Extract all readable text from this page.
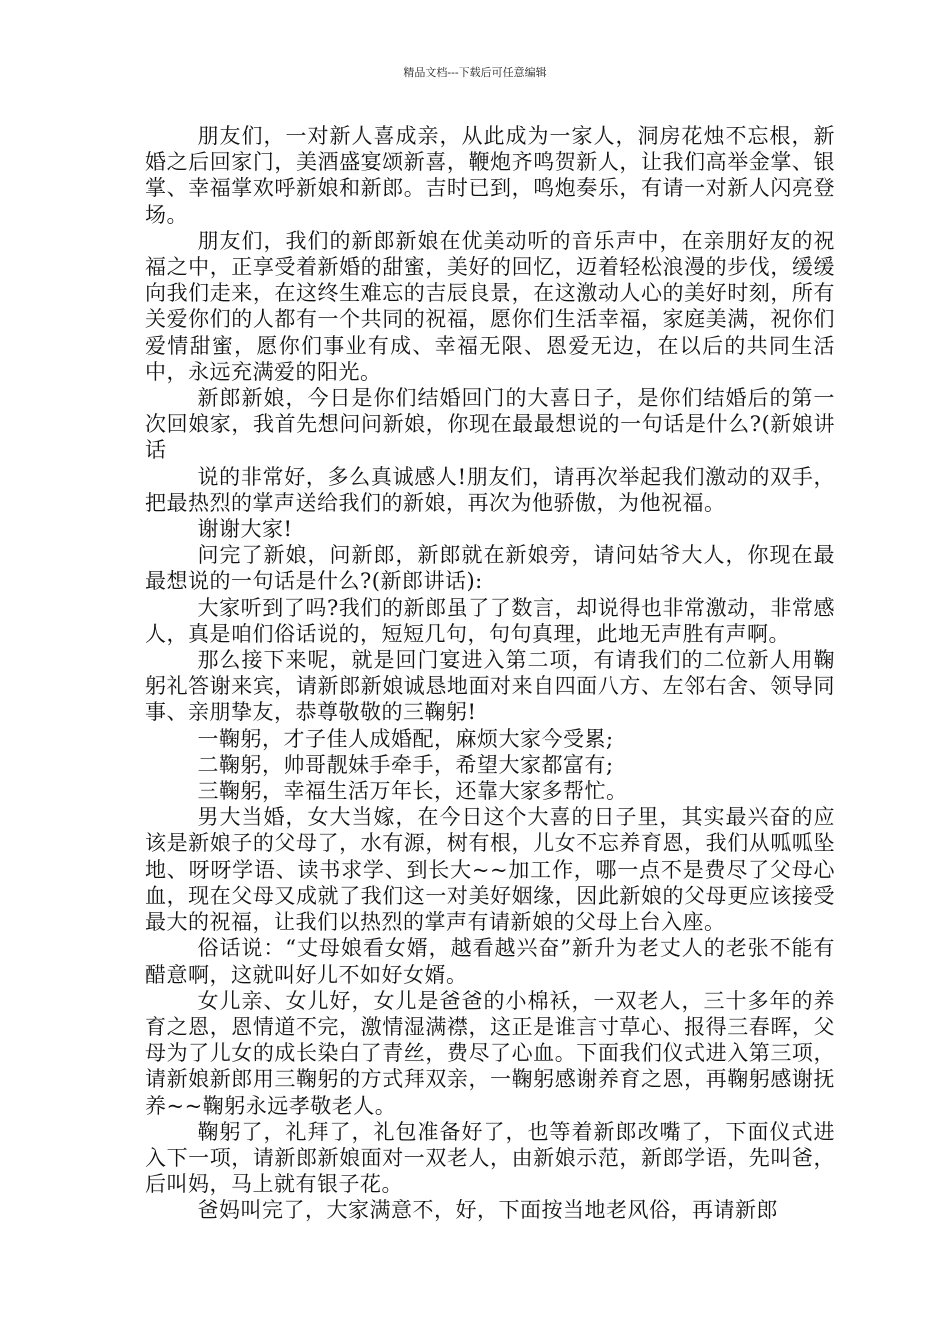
精品文档---下载后可任意编辑

朋友们，一对新人喜成亲，从此成为一家人，洞房花烛不忘根，新婚之后回家门，美酒盛宴颂新喜，鞭炮齐鸣贺新人，让我们高举金掌、银掌、幸福掌欢呼新娘和新郎。吉时已到，鸣炮奏乐，有请一对新人闪亮登场。

朋友们，我们的新郎新娘在优美动听的音乐声中，在亲朋好友的祝福之中，正享受着新婚的甜蜜，美好的回忆，迈着轻松浪漫的步伐，缓缓向我们走来，在这终生难忘的吉辰良景，在这激动人心的美好时刻，所有关爱你们的人都有一个共同的祝福，愿你们生活幸福，家庭美满，祝你们爱情甜蜜，愿你们事业有成、幸福无限、恩爱无边，在以后的共同生活中，永远充满爱的阳光。

新郎新娘，今日是你们结婚回门的大喜日子，是你们结婚后的第一次回娘家，我首先想问问新娘，你现在最最想说的一句话是什么?(新娘讲话

说的非常好，多么真诚感人!朋友们，请再次举起我们激动的双手，把最热烈的掌声送给我们的新娘，再次为他骄傲，为他祝福。

谢谢大家!

问完了新娘，问新郎，新郎就在新娘旁，请问姑爷大人，你现在最最想说的一句话是什么?(新郎讲话):

大家听到了吗?我们的新郎虽了了数言，却说得也非常激动，非常感人，真是咱们俗话说的，短短几句，句句真理，此地无声胜有声啊。

那么接下来呢，就是回门宴进入第二项，有请我们的二位新人用鞠躬礼答谢来宾，请新郎新娘诚恳地面对来自四面八方、左邻右舍、领导同事、亲朋挚友，恭尊敬敬的三鞠躬!

一鞠躬，才子佳人成婚配，麻烦大家今受累;

二鞠躬，帅哥靓妹手牵手，希望大家都富有;

三鞠躬，幸福生活万年长，还靠大家多帮忙。

男大当婚，女大当嫁，在今日这个大喜的日子里，其实最兴奋的应该是新娘子的父母了，水有源，树有根，儿女不忘养育恩，我们从呱呱坠地、呀呀学语、读书求学、到长大~~加工作，哪一点不是费尽了父母心血，现在父母又成就了我们这一对美好姻缘，因此新娘的父母更应该接受最大的祝福，让我们以热烈的掌声有请新娘的父母上台入座。

俗话说：“丈母娘看女婿，越看越兴奋”新升为老丈人的老张不能有醋意啊，这就叫好儿不如好女婿。

女儿亲、女儿好，女儿是爸爸的小棉袄，一双老人，三十多年的养育之恩，恩情道不完，激情湿满襟，这正是谁言寸草心、报得三春晖，父母为了儿女的成长染白了青丝，费尽了心血。下面我们仪式进入第三项，请新娘新郎用三鞠躬的方式拜双亲，一鞠躬感谢养育之恩，再鞠躬感谢抚养~~鞠躬永远孝敬老人。

鞠躬了，礼拜了，礼包准备好了，也等着新郎改嘴了，下面仪式进入下一项，请新郎新娘面对一双老人，由新娘示范，新郎学语，先叫爸，后叫妈，马上就有银子花。

爸妈叫完了，大家满意不，好，下面按当地老风俗，再请新郎
